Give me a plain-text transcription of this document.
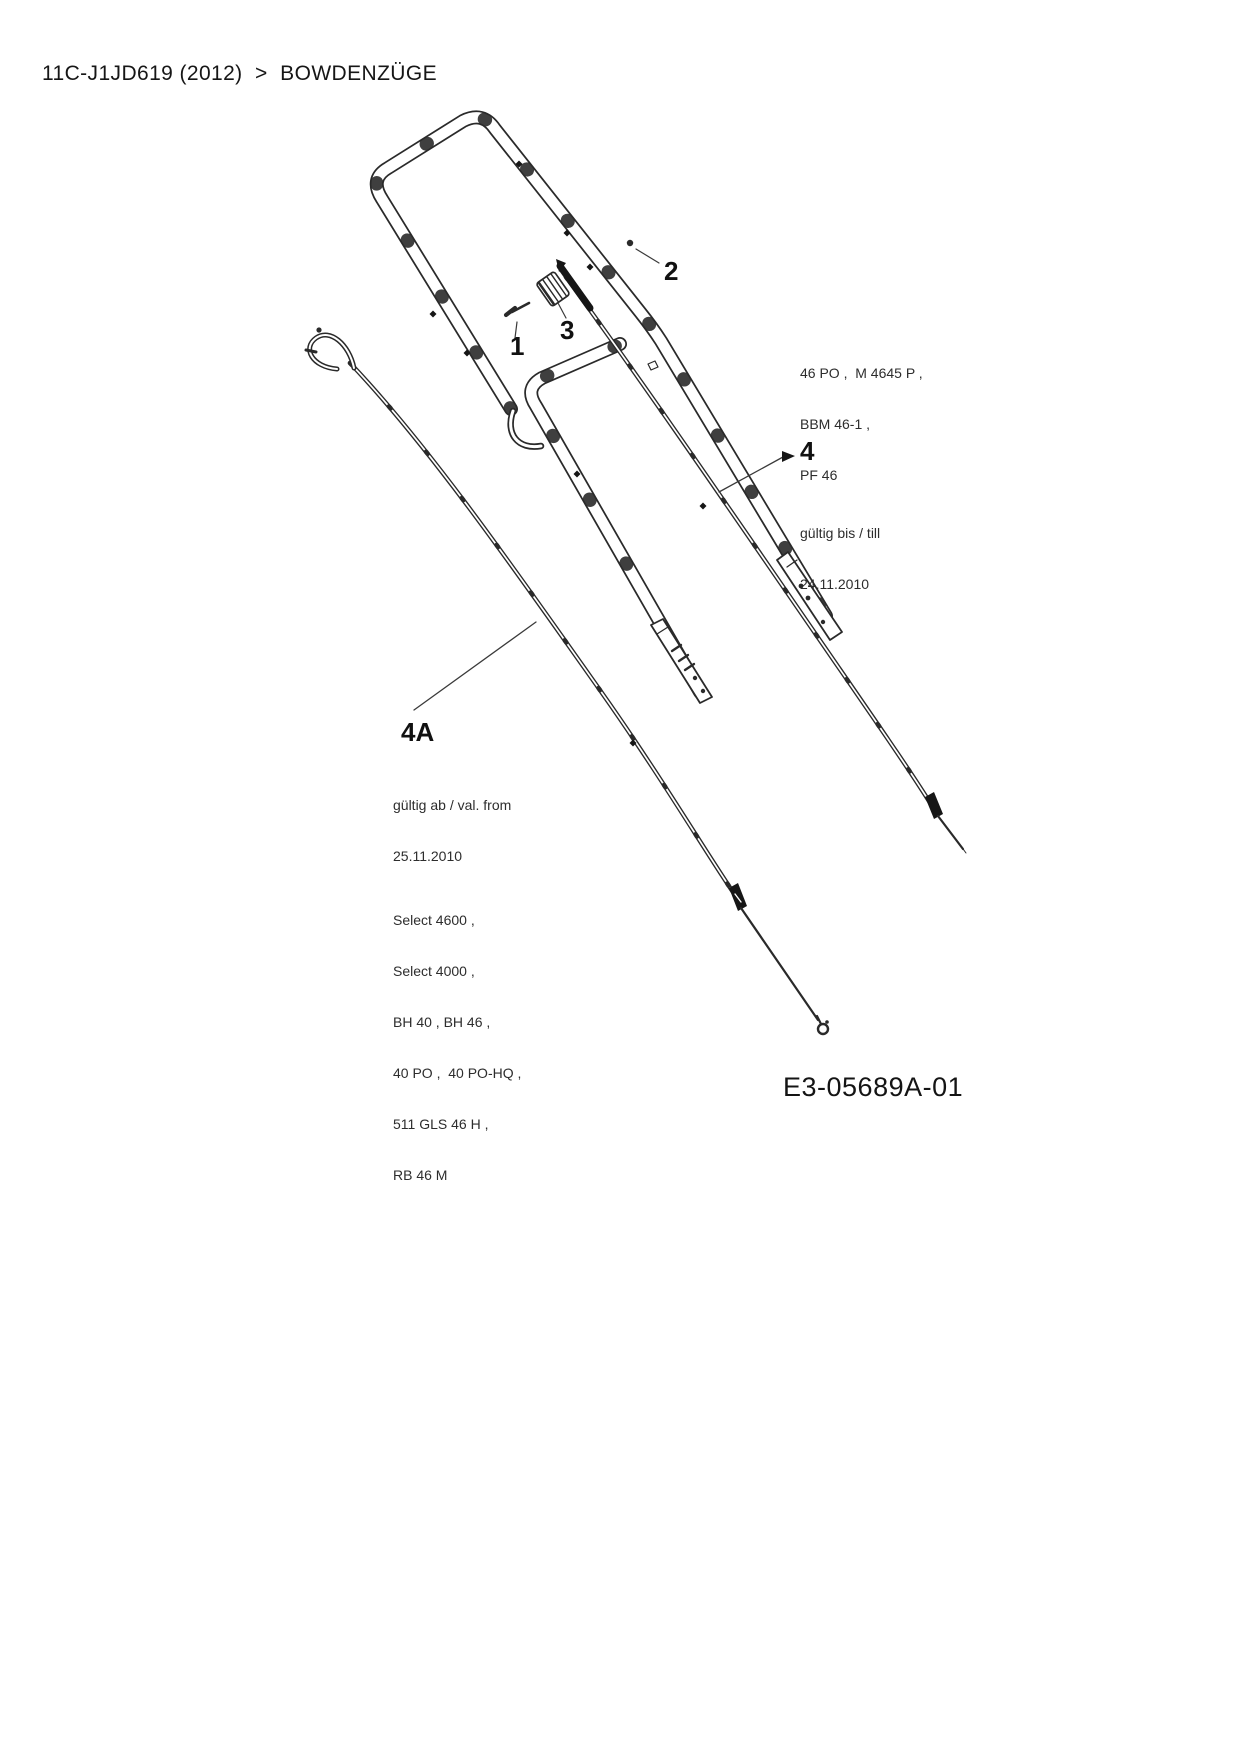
11C-J1JD619 (2012)  >  BOWDENZÜGE
1
2
3
4
4A

46 PO ,  M 4645 P ,

BBM 46-1 ,

PF 46

gültig bis / till

24.11.2010

gültig ab / val. from

25.11.2010

Select 4600 ,

Select 4000 ,

BH 40 , BH 46 ,

40 PO ,  40 PO-HQ ,

511 GLS 46 H ,

RB 46 M

E3-05689A-01
